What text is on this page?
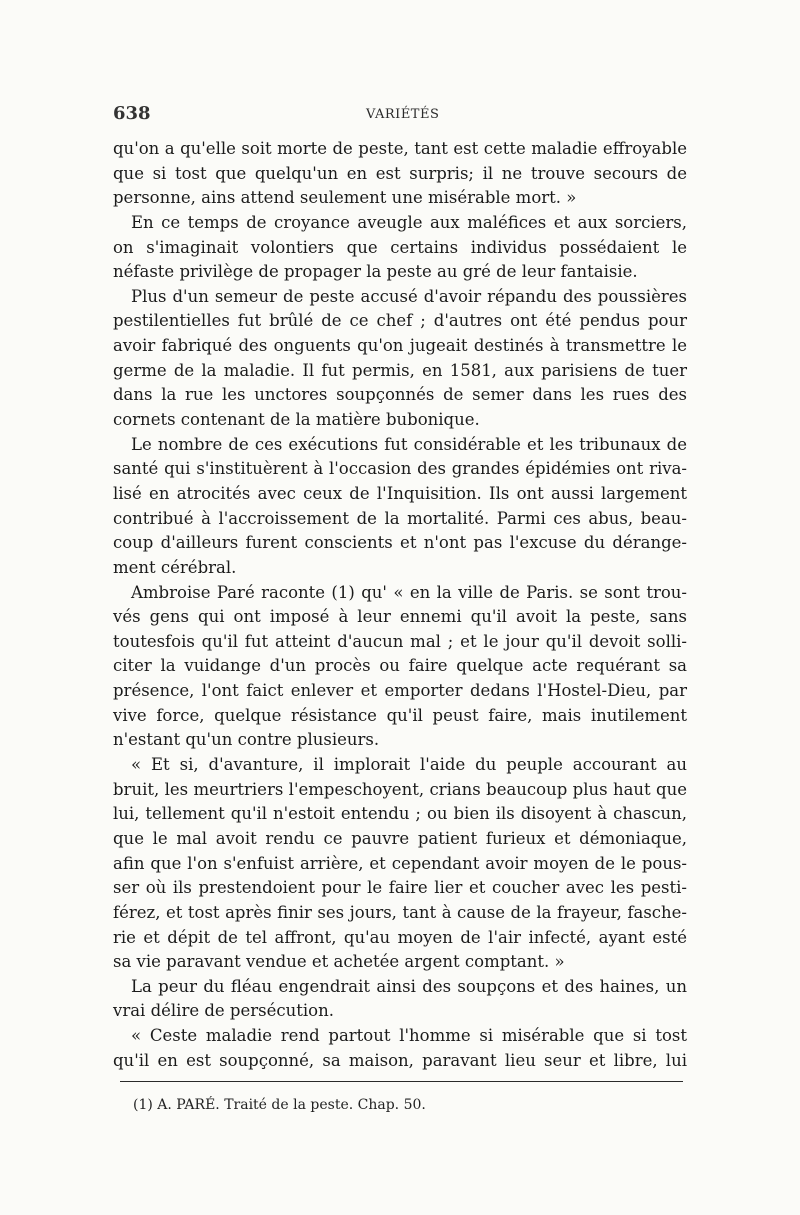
638	VARIÉTÉS
qu'on a qu'elle soit morte de peste, tant est cette maladie effroyable
que si tost que quelqu'un en est surpris; il ne trouve secours de
personne, ains attend seulement une misérable mort. »
En ce temps de croyance aveugle aux maléfices et aux sorciers,
on s'imaginait volontiers que certains individus possédaient le
néfaste privilège de propager la peste au gré de leur fantaisie.
Plus d'un semeur de peste accusé d'avoir répandu des poussières
pestilentielles fut brûlé de ce chef ; d'autres ont été pendus pour
avoir fabriqué des onguents qu'on jugeait destinés à transmettre le
germe de la maladie. Il fut permis, en 1581, aux parisiens de tuer
dans la rue les unctores soupçonnés de semer dans les rues des
cornets contenant de la matière bubonique.
Le nombre de ces exécutions fut considérable et les tribunaux de
santé qui s'instituèrent à l'occasion des grandes épidémies ont riva-
lisé en atrocités avec ceux de l'Inquisition. Ils ont aussi largement
contribué à l'accroissement de la mortalité. Parmi ces abus, beau-
coup d'ailleurs furent conscients et n'ont pas l'excuse du dérange-
ment cérébral.
Ambroise Paré raconte (1) qu' « en la ville de Paris. se sont trou-
vés gens qui ont imposé à leur ennemi qu'il avoit la peste, sans
toutesfois qu'il fut atteint d'aucun mal ; et le jour qu'il devoit solli-
citer la vuidange d'un procès ou faire quelque acte requérant sa
présence, l'ont faict enlever et emporter dedans l'Hostel-Dieu, par
vive force, quelque résistance qu'il peust faire, mais inutilement
n'estant qu'un contre plusieurs.
« Et si, d'avanture, il implorait l'aide du peuple accourant au
bruit, les meurtriers l'empeschoyent, crians beaucoup plus haut que
lui, tellement qu'il n'estoit entendu ; ou bien ils disoyent à chascun,
que le mal avoit rendu ce pauvre patient furieux et démoniaque,
afin que l'on s'enfuist arrière, et cependant avoir moyen de le pous-
ser où ils prestendoient pour le faire lier et coucher avec les pesti-
férez, et tost après finir ses jours, tant à cause de la frayeur, fasche-
rie et dépit de tel affront, qu'au moyen de l'air infecté, ayant esté
sa vie paravant vendue et achetée argent comptant. »
La peur du fléau engendrait ainsi des soupçons et des haines, un
vrai délire de persécution.
« Ceste maladie rend partout l'homme si misérable que si tost
qu'il en est soupçonné, sa maison, paravant lieu seur et libre, lui
(1) A. PARÉ. Traité de la peste. Chap. 50.
